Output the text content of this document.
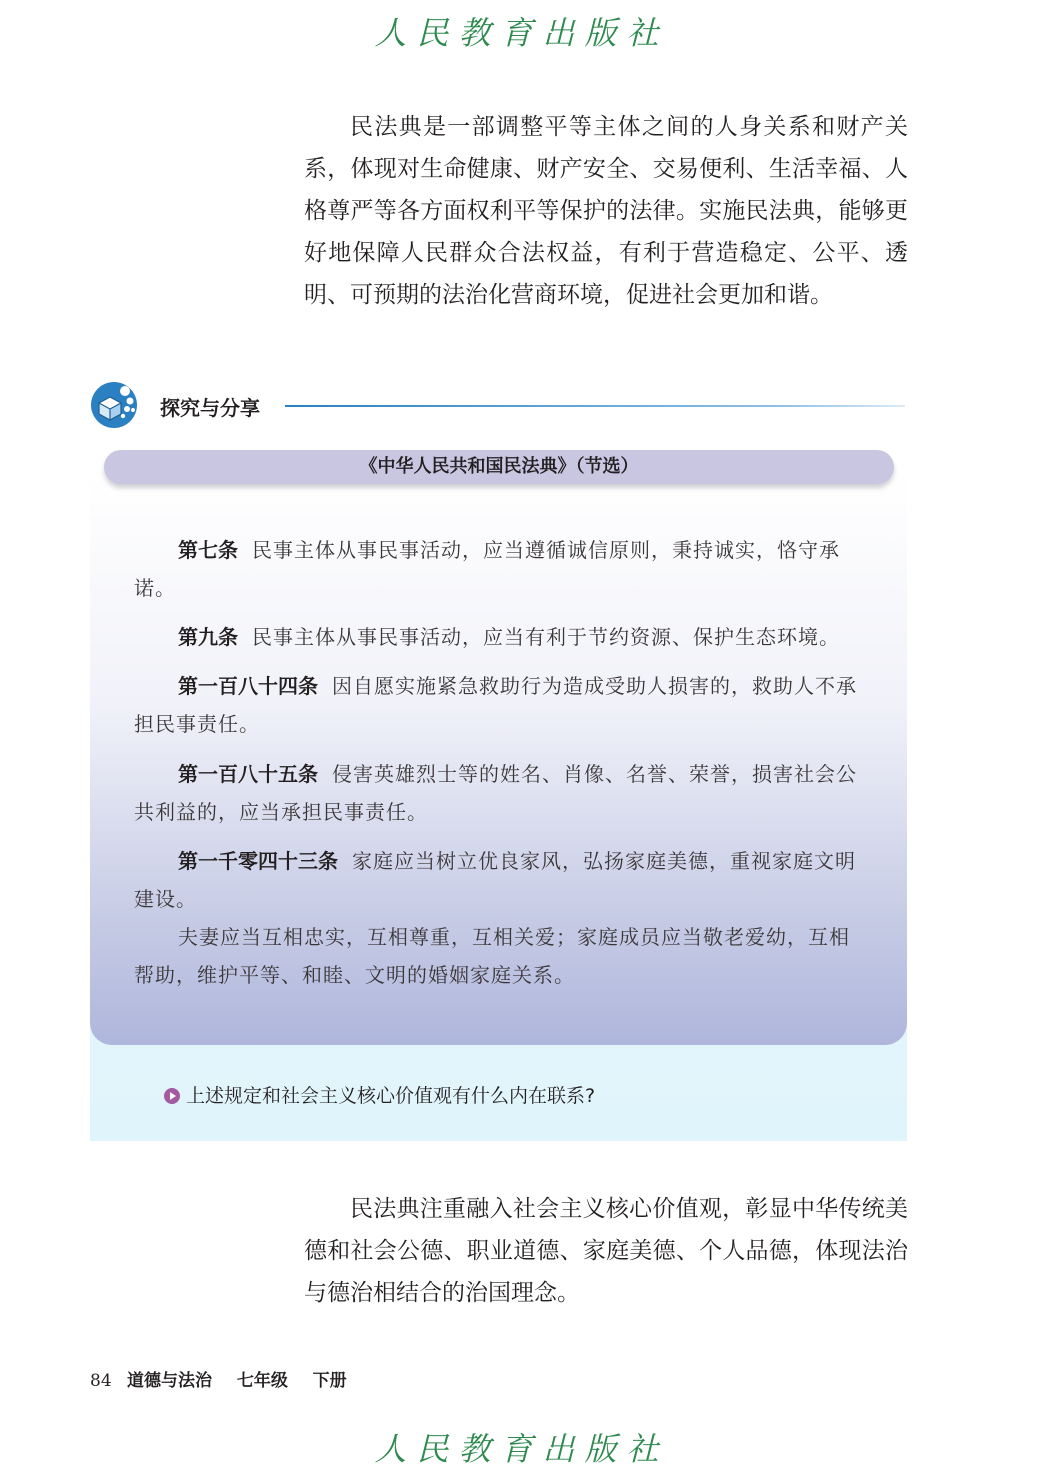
人民教育出版社

民法典是一部调整平等主体之间的人身关系和财产关系，体现对生命健康、财产安全、交易便利、生活幸福、人格尊严等各方面权利平等保护的法律。实施民法典，能够更好地保障人民群众合法权益，有利于营造稳定、公平、透明、可预期的法治化营商环境，促进社会更加和谐。

探究与分享
《中华人民共和国民法典》（节选）
第七条 民事主体从事民事活动，应当遵循诚信原则，秉持诚实，恪守承诺。
第九条 民事主体从事民事活动，应当有利于节约资源、保护生态环境。
第一百八十四条 因自愿实施紧急救助行为造成受助人损害的，救助人不承担民事责任。
第一百八十五条 侵害英雄烈士等的姓名、肖像、名誉、荣誉，损害社会公共利益的，应当承担民事责任。
第一千零四十三条 家庭应当树立优良家风，弘扬家庭美德，重视家庭文明建设。
夫妻应当互相忠实，互相尊重，互相关爱；家庭成员应当敬老爱幼，互相帮助，维护平等、和睦、文明的婚姻家庭关系。
上述规定和社会主义核心价值观有什么内在联系?

民法典注重融入社会主义核心价值观，彰显中华传统美德和社会公德、职业道德、家庭美德、个人品德，体现法治与德治相结合的治国理念。

84 道德与法治 七年级 下册
人民教育出版社
